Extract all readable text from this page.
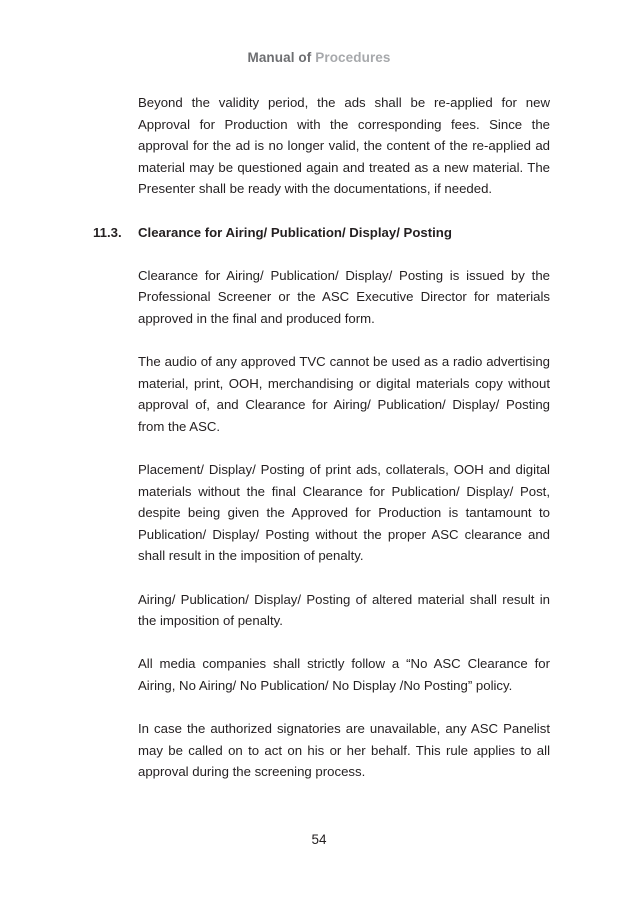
Manual of Procedures

Beyond the validity period, the ads shall be re-applied for new Approval for Production with the corresponding fees. Since the approval for the ad is no longer valid, the content of the re-applied ad material may be questioned again and treated as a new material. The Presenter shall be ready with the documentations, if needed.

11.3. Clearance for Airing/ Publication/ Display/ Posting

Clearance for Airing/ Publication/ Display/ Posting is issued by the Professional Screener or the ASC Executive Director for materials approved in the final and produced form.

The audio of any approved TVC cannot be used as a radio advertising material, print, OOH, merchandising or digital materials copy without approval of, and Clearance for Airing/ Publication/ Display/ Posting from the ASC.

Placement/ Display/ Posting of print ads, collaterals, OOH and digital materials without the final Clearance for Publication/ Display/ Post, despite being given the Approved for Production is tantamount to Publication/ Display/ Posting without the proper ASC clearance and shall result in the imposition of penalty.

Airing/ Publication/ Display/ Posting of altered material shall result in the imposition of penalty.

All media companies shall strictly follow a “No ASC Clearance for Airing, No Airing/ No Publication/ No Display /No Posting” policy.

In case the authorized signatories are unavailable, any ASC Panelist may be called on to act on his or her behalf. This rule applies to all approval during the screening process.

54
